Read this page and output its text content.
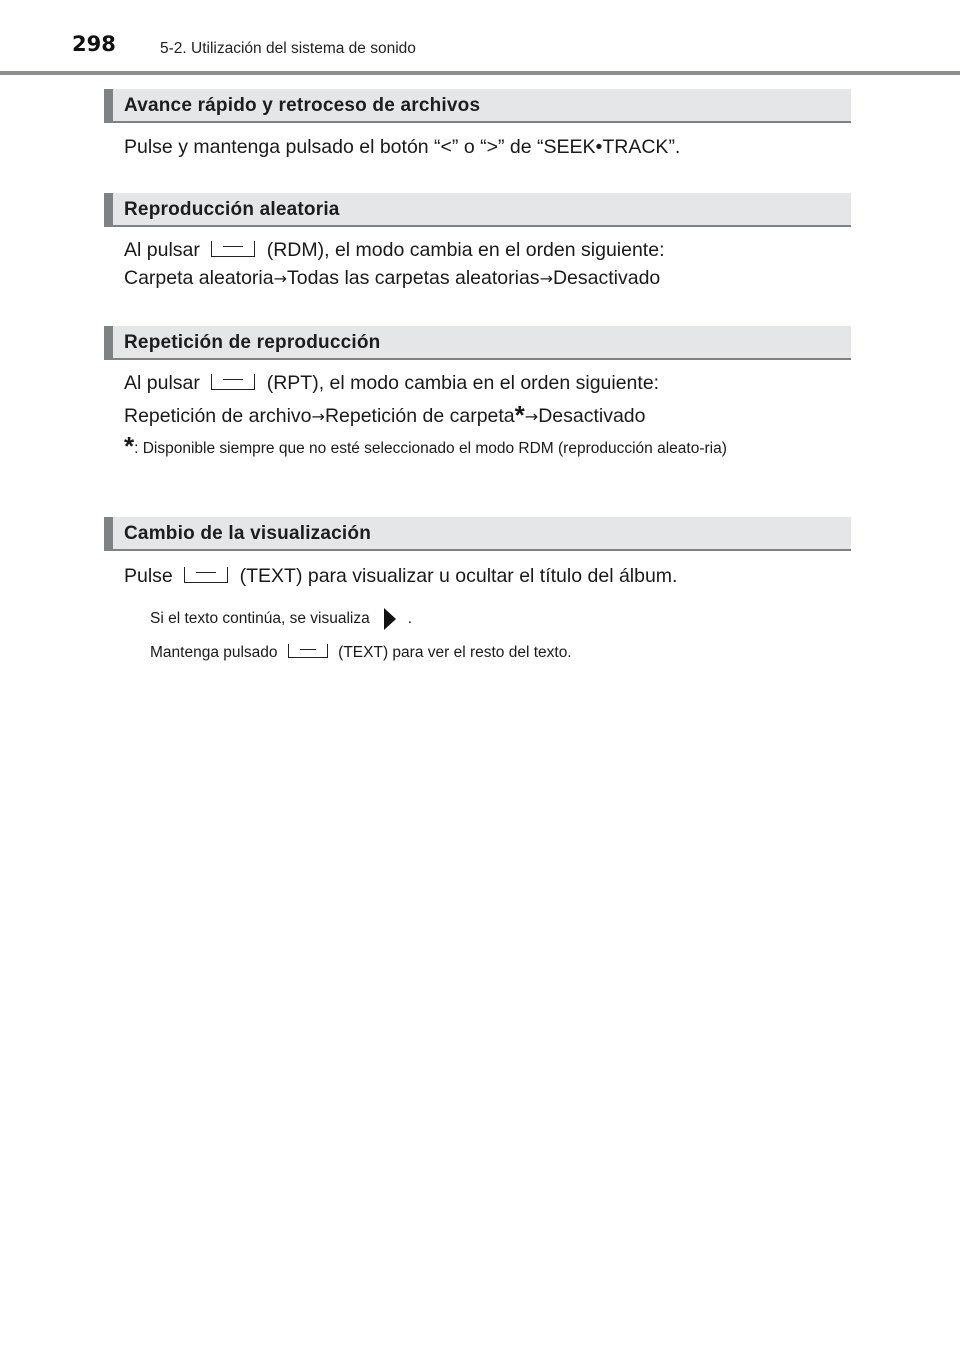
298	5-2. Utilización del sistema de sonido
Avance rápido y retroceso de archivos
Pulse y mantenga pulsado el botón “<” o “>” de “SEEK•TRACK”.
Reproducción aleatoria
Al pulsar	(RDM), el modo cambia en el orden siguiente:
Carpeta aleatoria→Todas las carpetas aleatorias→Desactivado
Repetición de reproducción
Al pulsar	(RPT), el modo cambia en el orden siguiente:
Repetición de archivo→Repetición de carpeta*→Desactivado
*: Disponible siempre que no esté seleccionado el modo RDM (reproducción aleato-ria)
Cambio de la visualización
Pulse	(TEXT) para visualizar u ocultar el título del álbum.
Si el texto continúa, se visualiza .
Mantenga pulsado	(TEXT) para ver el resto del texto.
